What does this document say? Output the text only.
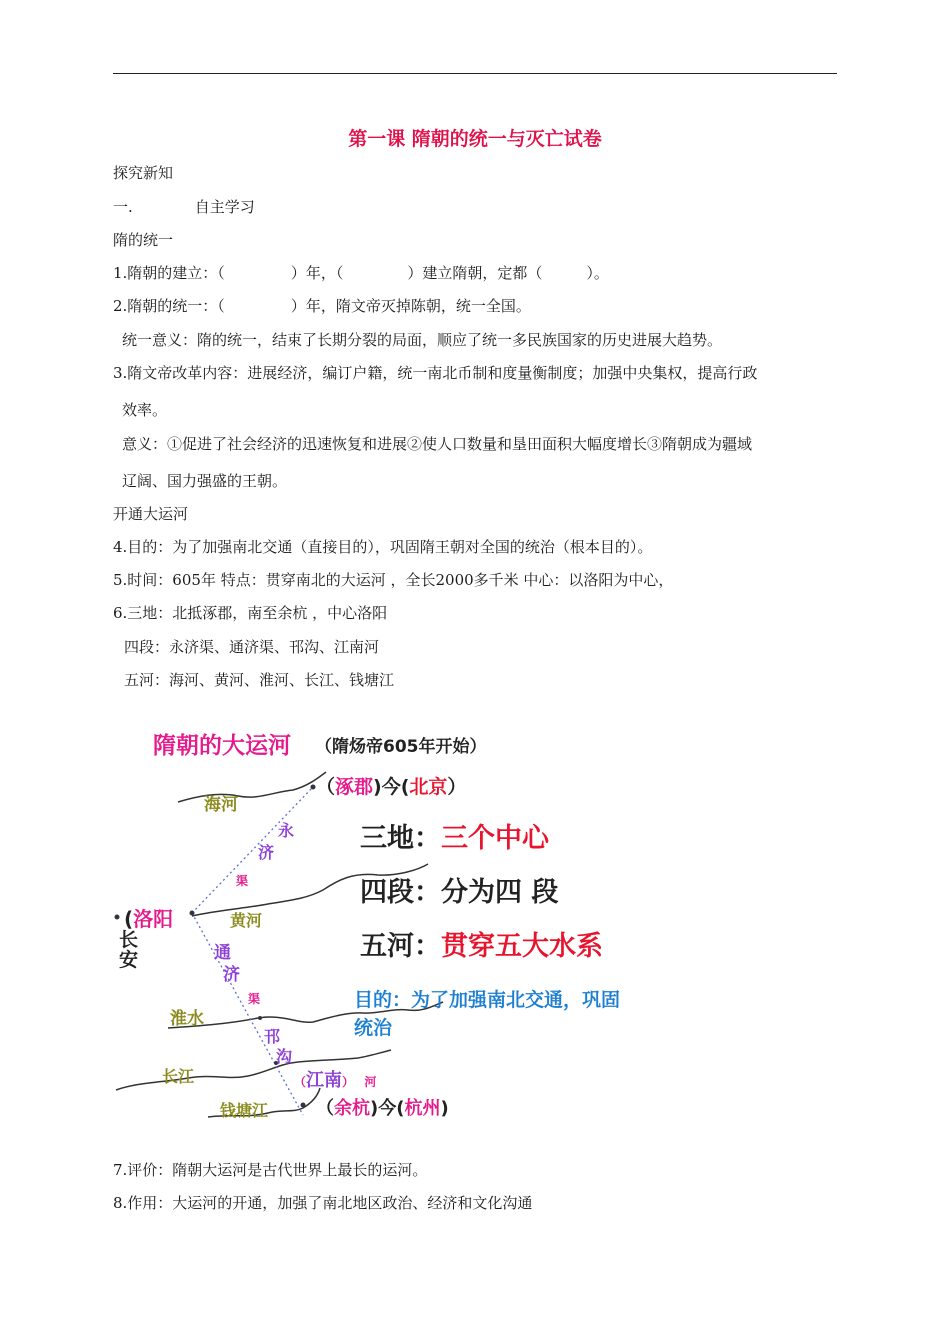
第一课 隋朝的统一与灭亡试卷
探究新知
一.	自主学习
隋的统一
1.隋朝的建立：（	）年，（	）建立隋朝，定都（	）。
2.隋朝的统一：（	）年，隋文帝灭掉陈朝，统一全国。
统一意义：隋的统一，结束了长期分裂的局面，顺应了统一多民族国家的历史进展大趋势。
3.隋文帝改革内容：进展经济，编订户籍，统一南北币制和度量衡制度；加强中央集权，提高行政
效率。
意义：①促进了社会经济的迅速恢复和进展②使人口数量和垦田面积大幅度增长③隋朝成为疆域
辽阔、国力强盛的王朝。
开通大运河
4.目的：为了加强南北交通（直接目的），巩固隋王朝对全国的统治（根本目的）。
5.时间：605年 特点：贯穿南北的大运河 ，全长2000多千米 中心：以洛阳为中心，
6.三地：北抵涿郡，南至余杭 ，中心洛阳
四段：永济渠、通济渠、邗沟、江南河
五河：海河、黄河、淮河、长江、钱塘江
隋朝的大运河 （隋炀帝605年开始）
（涿郡)今(北京）
海河
永
济
渠
(洛阳	黄河
长
安	通
济
渠
淮水
邗
沟
长江	（江南） 河
钱塘江	（余杭)今(杭州)
三地：三个中心
四段：分为四 段
五河：贯穿五大水系
目的：为了加强南北交通，巩固
统治
7.评价：隋朝大运河是古代世界上最长的运河。
8.作用：大运河的开通，加强了南北地区政治、经济和文化沟通
